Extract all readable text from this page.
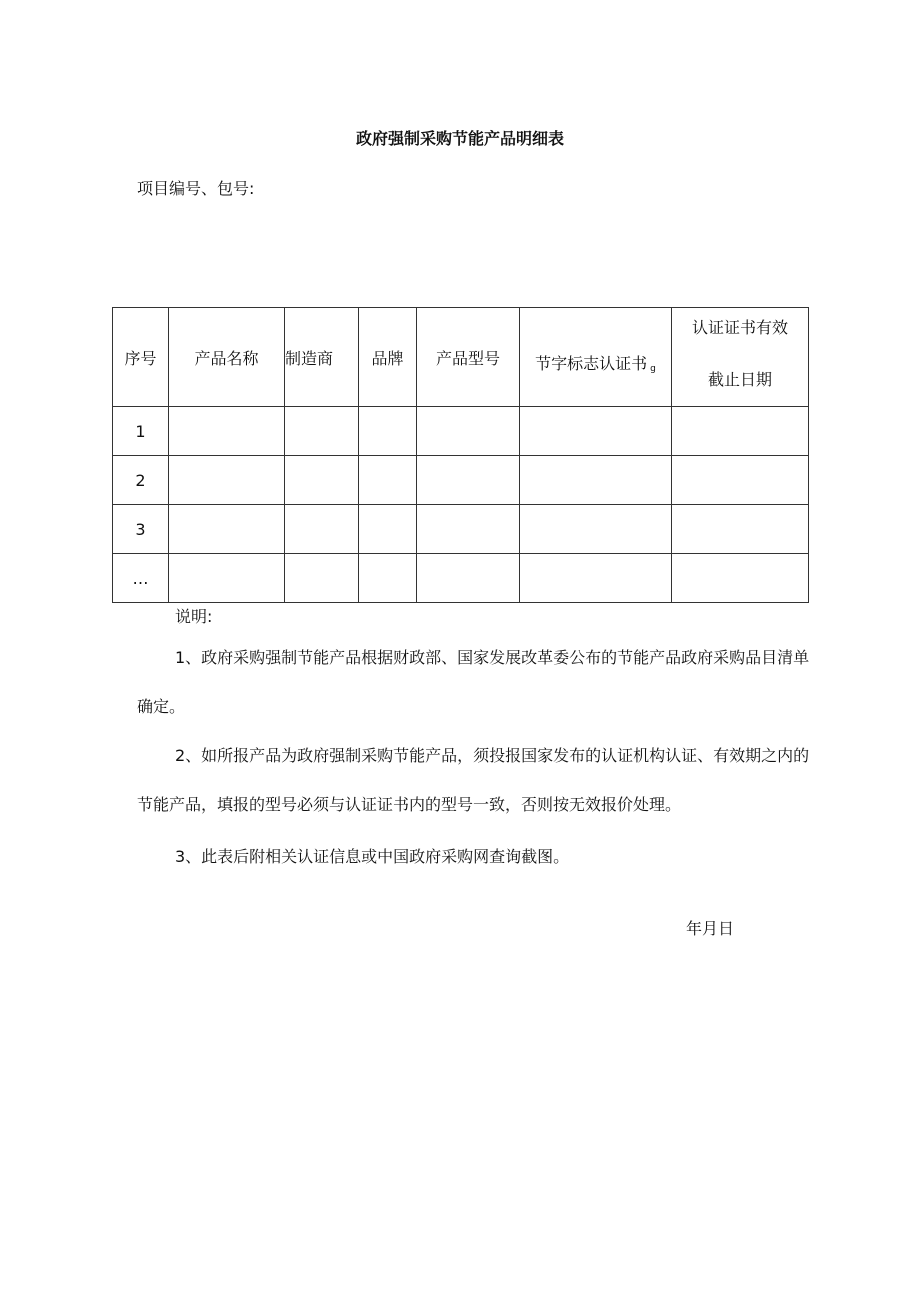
政府强制采购节能产品明细表
项目编号、包号:
序号	产品名称	制造商	品牌	产品型号	节字标志认证书 g	认证证书有效
截止日期

1						
2						
3						
…						
说明:
1、政府采购强制节能产品根据财政部、国家发展改革委公布的节能产品政府采购品目清单确定。
2、如所报产品为政府强制采购节能产品，须投报国家发布的认证机构认证、有效期之内的节能产品，填报的型号必须与认证证书内的型号一致，否则按无效报价处理。
3、此表后附相关认证信息或中国政府采购网查询截图。
年月日
